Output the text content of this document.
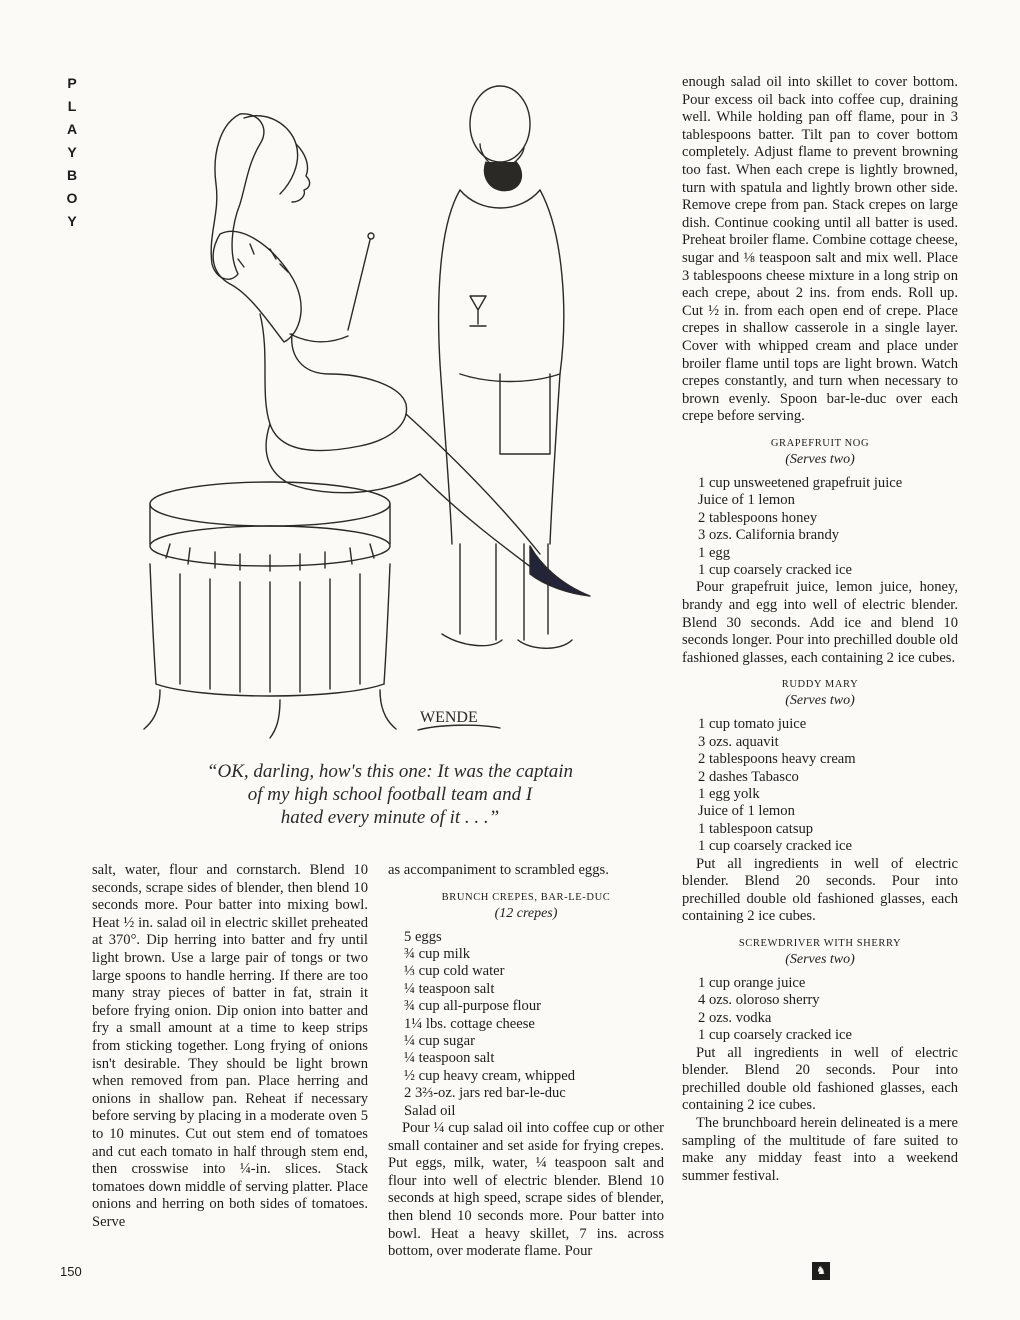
P
L
A
Y
B
O
Y
WENDE
“OK, darling, how's this one: It was the captain
of my high school football team and I
hated every minute of it . . .”

salt, water, flour and cornstarch. Blend 10 seconds, scrape sides of blender, then blend 10 seconds more. Pour batter into mixing bowl. Heat ½ in. salad oil in electric skillet preheated at 370°. Dip herring into batter and fry until light brown. Use a large pair of tongs or two large spoons to handle herring. If there are too many stray pieces of batter in fat, strain it before frying onion. Dip onion into batter and fry a small amount at a time to keep strips from sticking together. Long frying of onions isn't desirable. They should be light brown when removed from pan. Place herring and onions in shallow pan. Reheat if necessary before serving by placing in a moderate oven 5 to 10 minutes. Cut out stem end of tomatoes and cut each tomato in half through stem end, then crosswise into ¼-in. slices. Stack tomatoes down middle of serving platter. Place onions and herring on both sides of tomatoes. Serve

as accompaniment to scrambled eggs.

BRUNCH CREPES, BAR-LE-DUC
(12 crepes)
5 eggs
¾ cup milk
⅓ cup cold water
¼ teaspoon salt
¾ cup all-purpose flour
1¼ lbs. cottage cheese
¼ cup sugar
¼ teaspoon salt
½ cup heavy cream, whipped
2 3⅔-oz. jars red bar-le-duc
Salad oil

Pour ¼ cup salad oil into coffee cup or other small container and set aside for frying crepes. Put eggs, milk, water, ¼ teaspoon salt and flour into well of electric blender. Blend 10 seconds at high speed, scrape sides of blender, then blend 10 seconds more. Pour batter into bowl. Heat a heavy skillet, 7 ins. across bottom, over moderate flame. Pour

enough salad oil into skillet to cover bottom. Pour excess oil back into coffee cup, draining well. While holding pan off flame, pour in 3 tablespoons batter. Tilt pan to cover bottom completely. Adjust flame to prevent browning too fast. When each crepe is lightly browned, turn with spatula and lightly brown other side. Remove crepe from pan. Stack crepes on large dish. Continue cooking until all batter is used. Preheat broiler flame. Combine cottage cheese, sugar and ⅛ teaspoon salt and mix well. Place 3 tablespoons cheese mixture in a long strip on each crepe, about 2 ins. from ends. Roll up. Cut ½ in. from each open end of crepe. Place crepes in shallow casserole in a single layer. Cover with whipped cream and place under broiler flame until tops are light brown. Watch crepes constantly, and turn when necessary to brown evenly. Spoon bar-le-duc over each crepe before serving.

GRAPEFRUIT NOG
(Serves two)
1 cup unsweetened grapefruit juice
Juice of 1 lemon
2 tablespoons honey
3 ozs. California brandy
1 egg
1 cup coarsely cracked ice

Pour grapefruit juice, lemon juice, honey, brandy and egg into well of electric blender. Blend 30 seconds. Add ice and blend 10 seconds longer. Pour into prechilled double old fashioned glasses, each containing 2 ice cubes.

RUDDY MARY
(Serves two)
1 cup tomato juice
3 ozs. aquavit
2 tablespoons heavy cream
2 dashes Tabasco
1 egg yolk
Juice of 1 lemon
1 tablespoon catsup
1 cup coarsely cracked ice

Put all ingredients in well of electric blender. Blend 20 seconds. Pour into prechilled double old fashioned glasses, each containing 2 ice cubes.

SCREWDRIVER WITH SHERRY
(Serves two)
1 cup orange juice
4 ozs. oloroso sherry
2 ozs. vodka
1 cup coarsely cracked ice

Put all ingredients in well of electric blender. Blend 20 seconds. Pour into prechilled double old fashioned glasses, each containing 2 ice cubes.

The brunchboard herein delineated is a mere sampling of the multitude of fare suited to make any midday feast into a weekend summer festival.

150	♞
